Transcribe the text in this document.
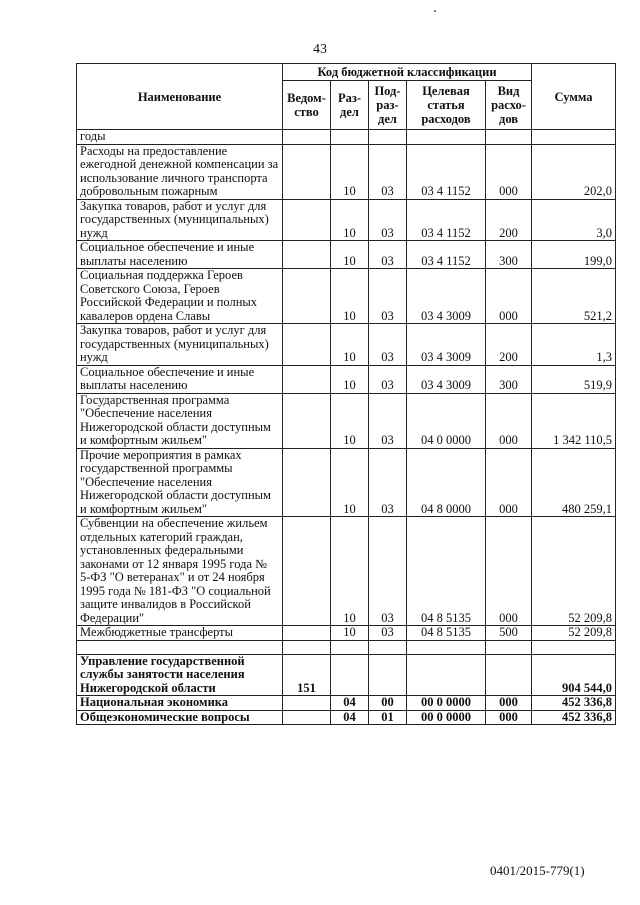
43
Наименование	Код бюджетной классификации					Сумма
	Ведом-ство	Раз-дел	Под-раз-дел	Целевая статья расходов	Вид расхо-дов	
годы						
Расходы на предоставление ежегодной денежной компенсации за использование личного транспорта добровольным пожарным		10	03	03 4 1152	000	202,0
Закупка товаров, работ и услуг для государственных (муниципальных) нужд		10	03	03 4 1152	200	3,0
Социальное обеспечение и иные выплаты населению		10	03	03 4 1152	300	199,0
Социальная поддержка Героев Советского Союза, Героев Российской Федерации и полных кавалеров ордена Славы		10	03	03 4 3009	000	521,2
Закупка товаров, работ и услуг для государственных (муниципальных) нужд		10	03	03 4 3009	200	1,3
Социальное обеспечение и иные выплаты населению		10	03	03 4 3009	300	519,9
Государственная программа "Обеспечение населения Нижегородской области доступным и комфортным жильем"		10	03	04 0 0000	000	1 342 110,5
Прочие мероприятия в рамках государственной программы "Обеспечение населения Нижегородской области доступным и комфортным жильем"		10	03	04 8 0000	000	480 259,1
Субвенции на обеспечение жильем отдельных категорий граждан, установленных федеральными законами от 12 января 1995 года № 5-ФЗ "О ветеранах" и от 24 ноября 1995 года № 181-ФЗ "О социальной защите инвалидов в Российской Федерации"		10	03	04 8 5135	000	52 209,8
Межбюджетные трансферты		10	03	04 8 5135	500	52 209,8

Управление государственной службы занятости населения Нижегородской области	151					904 544,0
Национальная экономика		04	00	00 0 0000	000	452 336,8
Общеэкономические вопросы		04	01	00 0 0000	000	452 336,8
0401/2015-779(1)
